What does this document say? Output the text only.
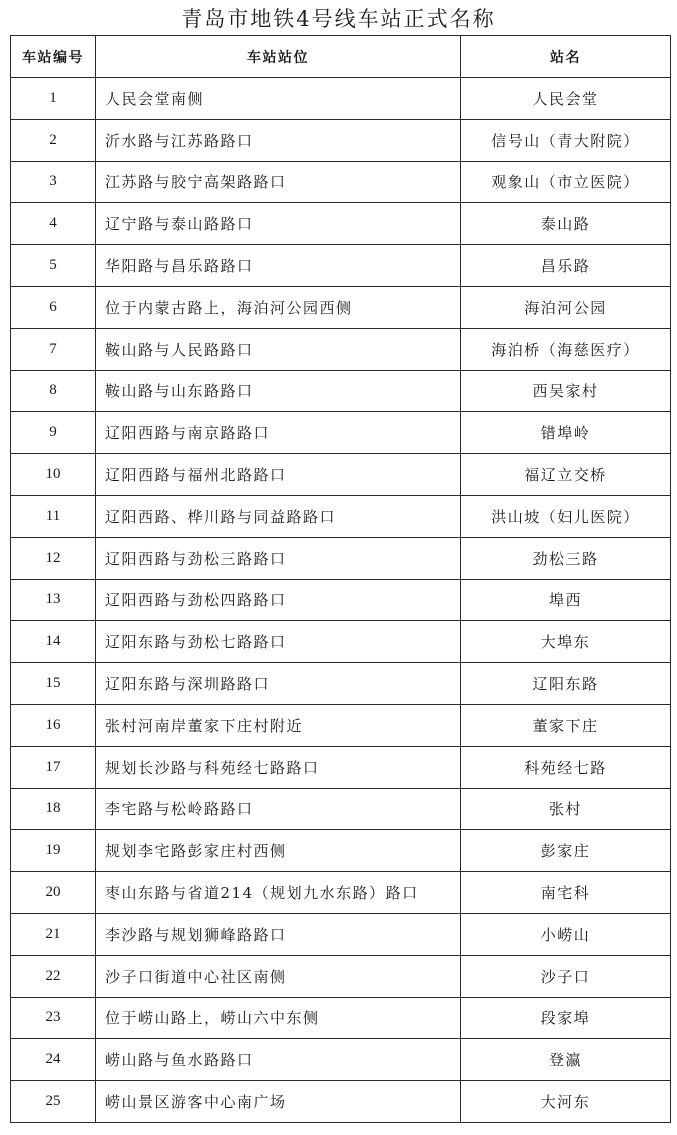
青岛市地铁4号线车站正式名称
车站编号	车站站位	站名
1	人民会堂南侧	人民会堂
2	沂水路与江苏路路口	信号山（青大附院）
3	江苏路与胶宁高架路路口	观象山（市立医院）
4	辽宁路与泰山路路口	泰山路
5	华阳路与昌乐路路口	昌乐路
6	位于内蒙古路上，海泊河公园西侧	海泊河公园
7	鞍山路与人民路路口	海泊桥（海慈医疗）
8	鞍山路与山东路路口	西吴家村
9	辽阳西路与南京路路口	错埠岭
10	辽阳西路与福州北路路口	福辽立交桥
11	辽阳西路、桦川路与同益路路口	洪山坡（妇儿医院）
12	辽阳西路与劲松三路路口	劲松三路
13	辽阳西路与劲松四路路口	埠西
14	辽阳东路与劲松七路路口	大埠东
15	辽阳东路与深圳路路口	辽阳东路
16	张村河南岸董家下庄村附近	董家下庄
17	规划长沙路与科苑经七路路口	科苑经七路
18	李宅路与松岭路路口	张村
19	规划李宅路彭家庄村西侧	彭家庄
20	枣山东路与省道214（规划九水东路）路口	南宅科
21	李沙路与规划狮峰路路口	小崂山
22	沙子口街道中心社区南侧	沙子口
23	位于崂山路上，崂山六中东侧	段家埠
24	崂山路与鱼水路路口	登瀛
25	崂山景区游客中心南广场	大河东
